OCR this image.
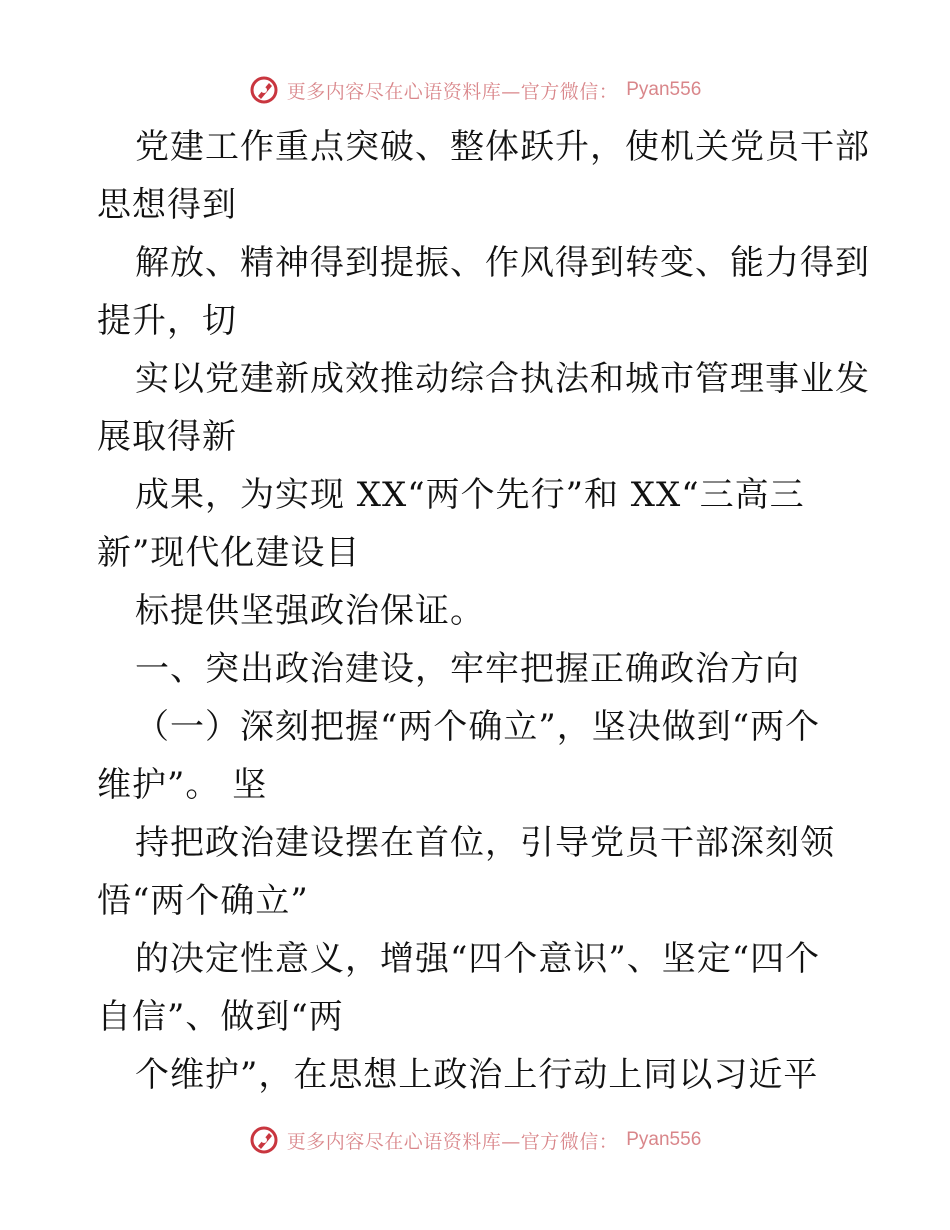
更多内容尽在心语资料库—官方微信： Pyan556
党建工作重点突破、整体跃升，使机关党员干部
思想得到
解放、精神得到提振、作风得到转变、能力得到
提升，切
实以党建新成效推动综合执法和城市管理事业发
展取得新
成果，为实现 XX“两个先行”和 XX“三高三
新”现代化建设目
标提供坚强政治保证。
一、突出政治建设，牢牢把握正确政治方向
（一）深刻把握“两个确立”，坚决做到“两个
维护”。 坚
持把政治建设摆在首位，引导党员干部深刻领
悟“两个确立”
的决定性意义，增强“四个意识”、坚定“四个
自信”、做到“两
个维护”，在思想上政治上行动上同以习近平
更多内容尽在心语资料库—官方微信： Pyan556
